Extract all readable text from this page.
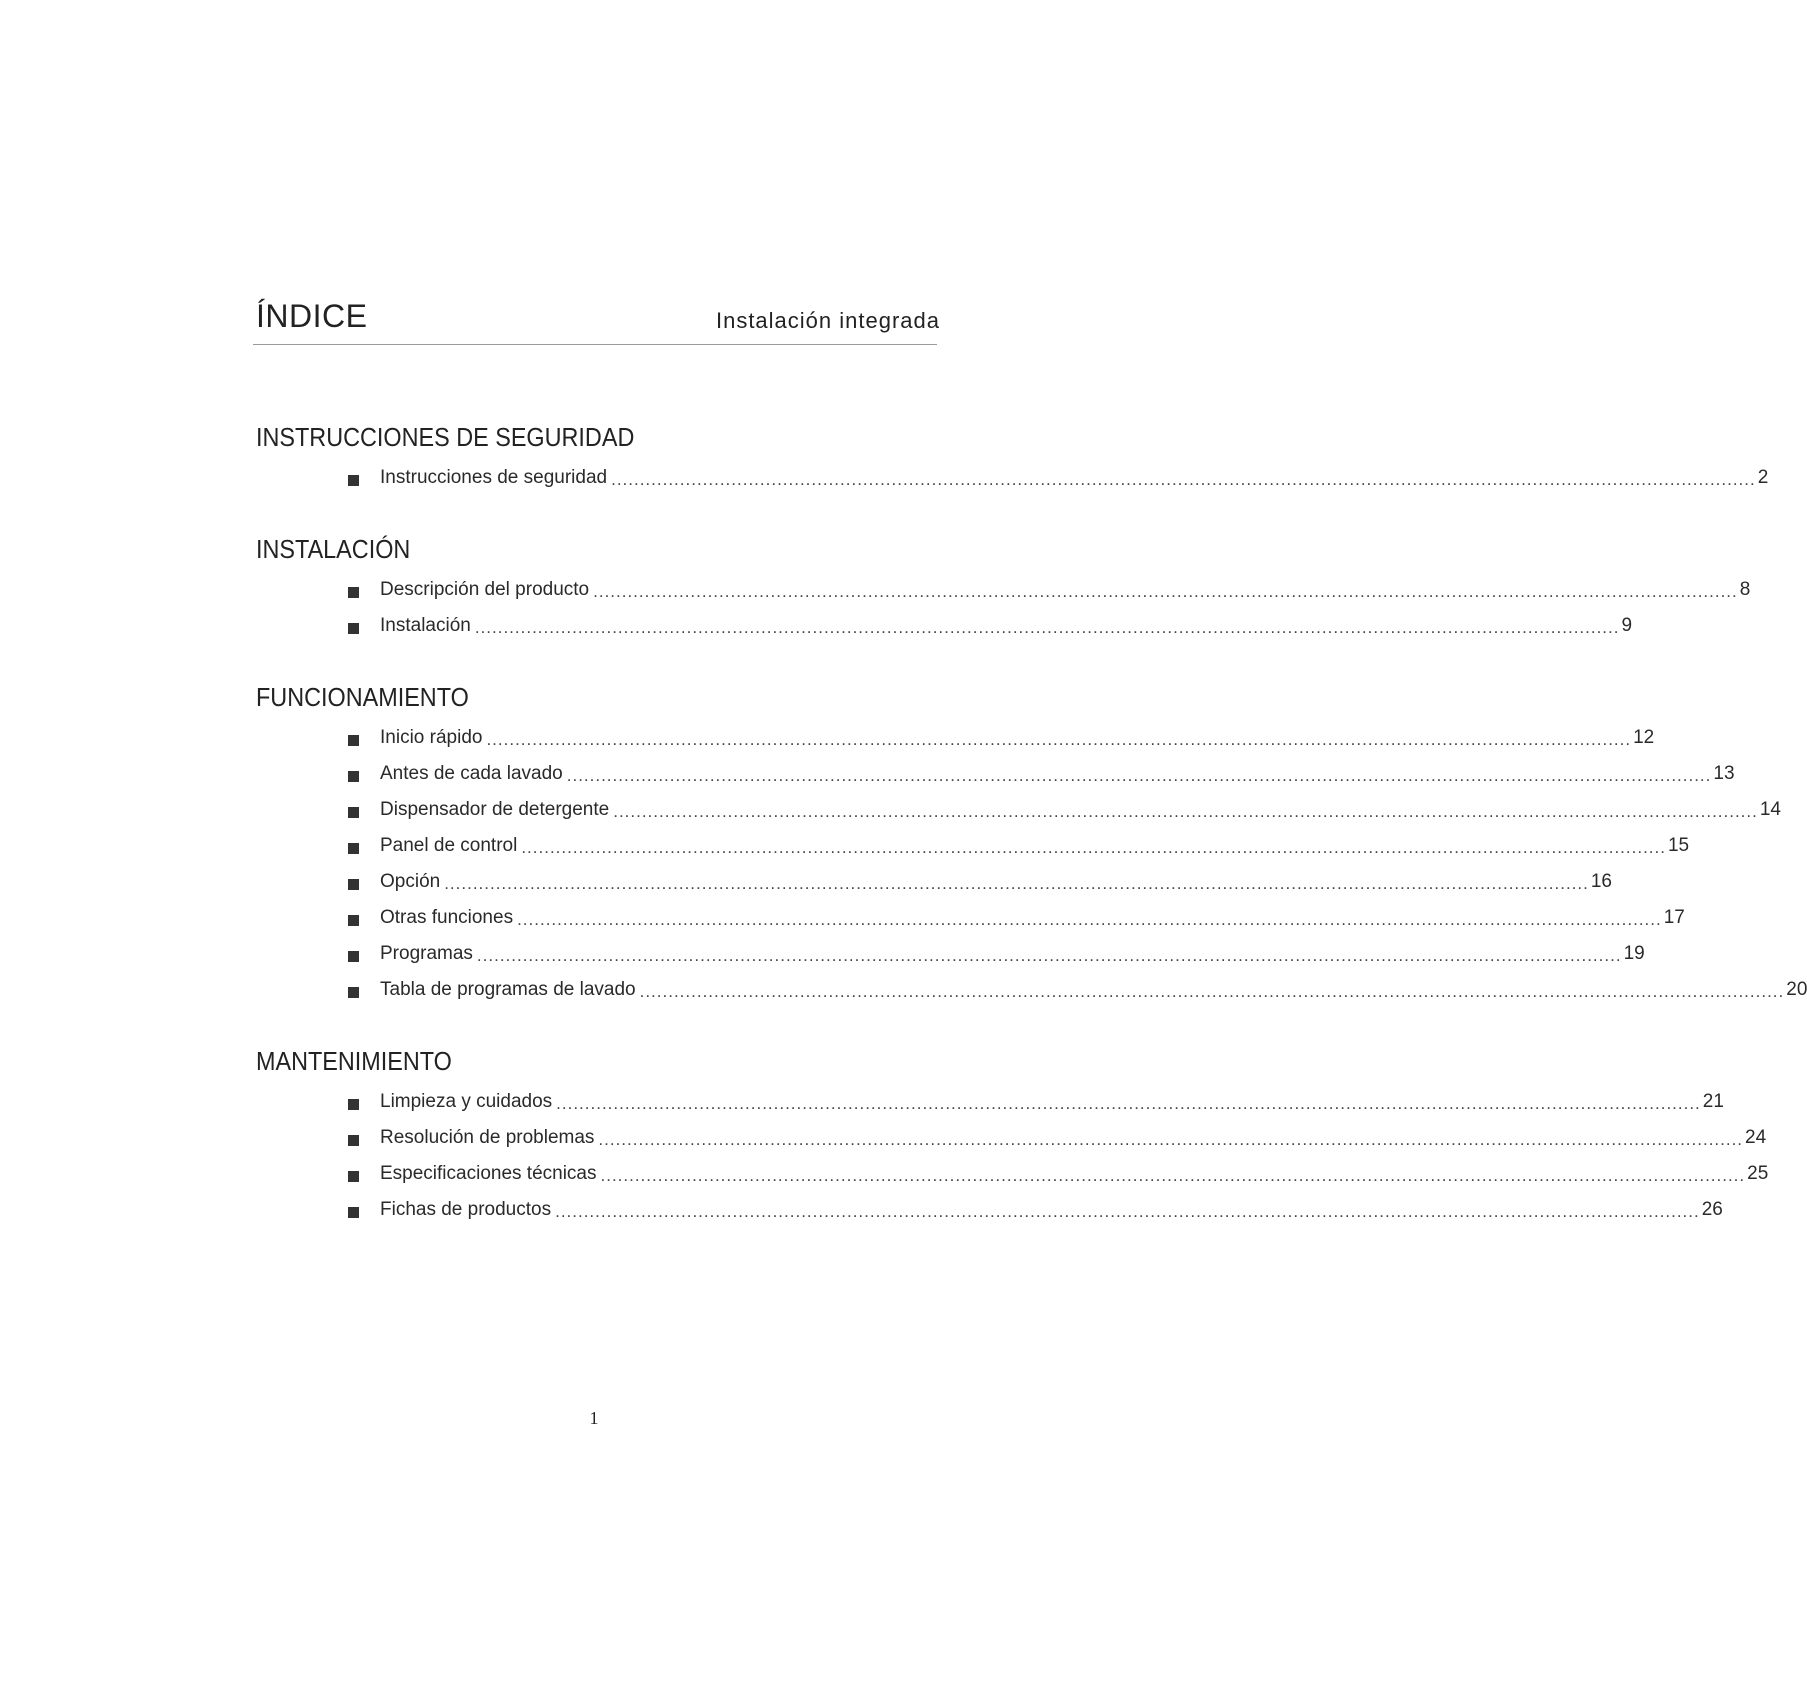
ÍNDICE	Instalación integrada
INSTRUCCIONES DE SEGURIDAD
Instrucciones de seguridad ........................................................................................................................................................................................................ 2
INSTALACIÓN
Descripción del producto ........................................................................................................................................................................................................ 8
Instalación ........................................................................................................................................................................................................ 9
FUNCIONAMIENTO
Inicio rápido ........................................................................................................................................................................................................ 12
Antes de cada lavado ........................................................................................................................................................................................................ 13
Dispensador de detergente ........................................................................................................................................................................................................ 14
Panel de control ........................................................................................................................................................................................................ 15
Opción ........................................................................................................................................................................................................ 16
Otras funciones ........................................................................................................................................................................................................ 17
Programas ........................................................................................................................................................................................................ 19
Tabla de programas de lavado ........................................................................................................................................................................................................ 20
MANTENIMIENTO
Limpieza y cuidados ........................................................................................................................................................................................................ 21
Resolución de problemas ........................................................................................................................................................................................................ 24
Especificaciones técnicas ........................................................................................................................................................................................................ 25
Fichas de productos ........................................................................................................................................................................................................ 26
1
